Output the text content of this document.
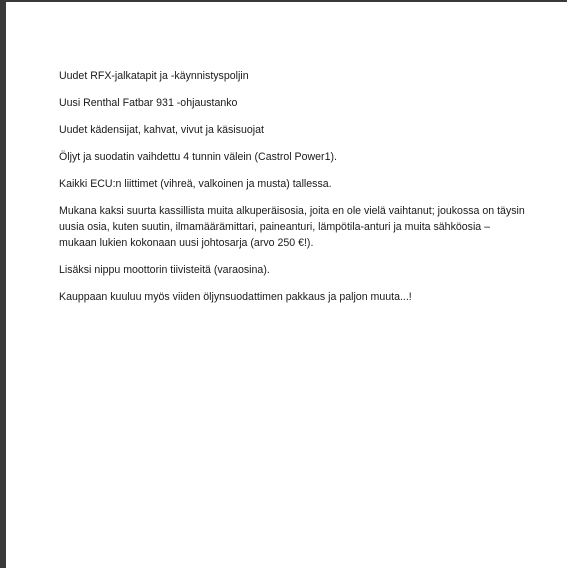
Uudet RFX-jalkatapit ja -käynnistyspoljin

Uusi Renthal Fatbar 931 -ohjaustanko

Uudet kädensijat, kahvat, vivut ja käsisuojat

Öljyt ja suodatin vaihdettu 4 tunnin välein (Castrol Power1).

Kaikki ECU:n liittimet (vihreä, valkoinen ja musta) tallessa.

Mukana kaksi suurta kassillista muita alkuperäisosia, joita en ole vielä vaihtanut; joukossa on täysin uusia osia, kuten suutin, ilmamäärämittari, paineanturi, lämpötila-anturi ja muita sähköosia – mukaan lukien kokonaan uusi johtosarja (arvo 250 €!).

Lisäksi nippu moottorin tiivisteitä (varaosina).

Kauppaan kuuluu myös viiden öljynsuodattimen pakkaus ja paljon muuta...!
